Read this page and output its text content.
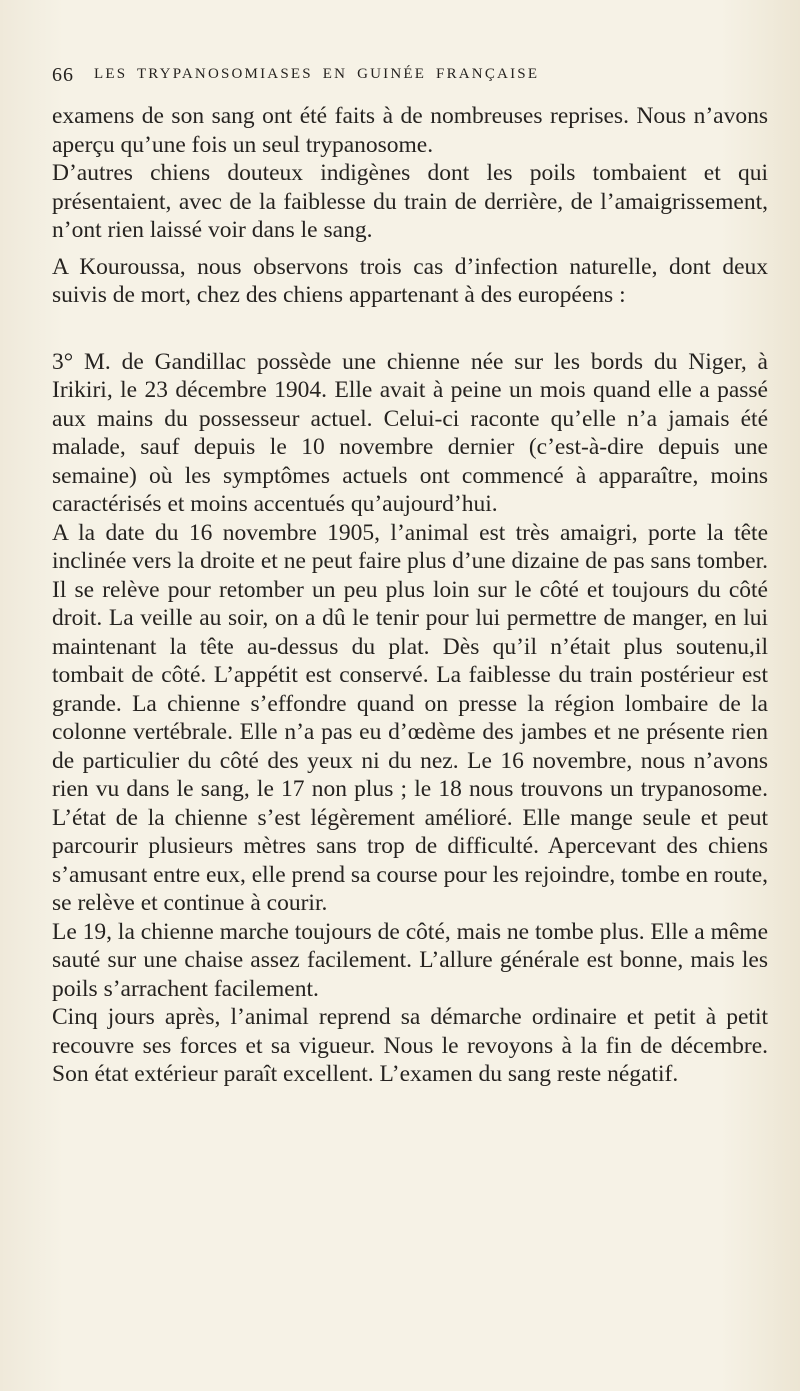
66 LES TRYPANOSOMIASES EN GUINÉE FRANÇAISE

examens de son sang ont été faits à de nombreuses reprises. Nous n’avons aperçu qu’une fois un seul trypanosome.

D’autres chiens douteux indigènes dont les poils tombaient et qui présentaient, avec de la faiblesse du train de derrière, de l’amaigrissement, n’ont rien laissé voir dans le sang.

A Kouroussa, nous observons trois cas d’infection naturelle, dont deux suivis de mort, chez des chiens appartenant à des européens :

3° M. de Gandillac possède une chienne née sur les bords du Niger, à Irikiri, le 23 décembre 1904. Elle avait à peine un mois quand elle a passé aux mains du possesseur actuel. Celui-ci raconte qu’elle n’a jamais été malade, sauf depuis le 10 novembre dernier (c’est-à-dire depuis une semaine) où les symptômes actuels ont commencé à apparaître, moins caractérisés et moins accentués qu’aujourd’hui.

A la date du 16 novembre 1905, l’animal est très amaigri, porte la tête inclinée vers la droite et ne peut faire plus d’une dizaine de pas sans tomber. Il se relève pour retomber un peu plus loin sur le côté et toujours du côté droit. La veille au soir, on a dû le tenir pour lui permettre de manger, en lui maintenant la tête au-dessus du plat. Dès qu’il n’était plus soutenu,il tombait de côté. L’appétit est conservé. La faiblesse du train postérieur est grande. La chienne s’effondre quand on presse la région lombaire de la colonne vertébrale. Elle n’a pas eu d’œdème des jambes et ne présente rien de particulier du côté des yeux ni du nez. Le 16 novembre, nous n’avons rien vu dans le sang, le 17 non plus ; le 18 nous trouvons un trypanosome. L’état de la chienne s’est légèrement amélioré. Elle mange seule et peut parcourir plusieurs mètres sans trop de difficulté. Apercevant des chiens s’amusant entre eux, elle prend sa course pour les rejoindre, tombe en route, se relève et continue à courir.

Le 19, la chienne marche toujours de côté, mais ne tombe plus. Elle a même sauté sur une chaise assez facilement. L’allure générale est bonne, mais les poils s’arrachent facilement.

Cinq jours après, l’animal reprend sa démarche ordinaire et petit à petit recouvre ses forces et sa vigueur. Nous le revoyons à la fin de décembre. Son état extérieur paraît excellent. L’examen du sang reste négatif.
